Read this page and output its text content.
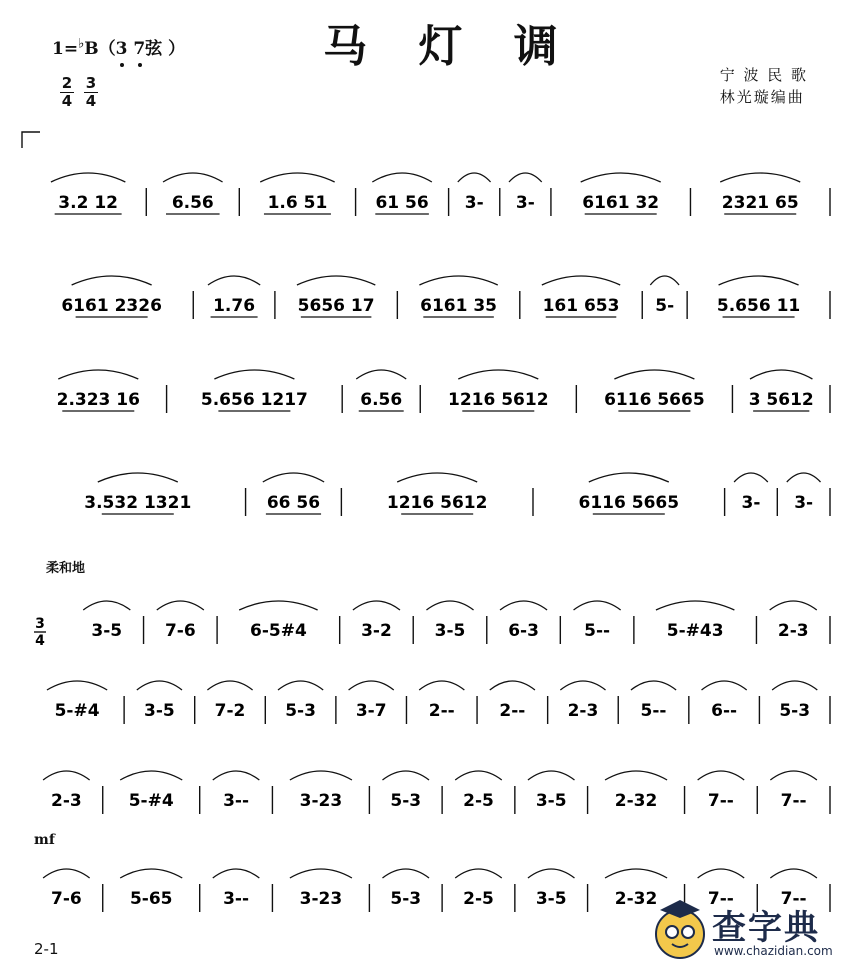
马 灯 调
1=♭B（3 7
弦 ）
2
4
3
4
宁 波 民 歌
林光璇编曲
柔和地
mf
3.2 12	6.56	1.6 51	61 56 3- 3-	6161 32	2321 65
6161 2326	1.76	5656 17	6161 35	161 653 5-	5.656 11
2.323 16	5.656 1217	6.56	1216 5612	6116 5665	3 5612
3.532 1321	66 56	1216 5612	6116 5665	3- 3-
3-5	7-6	6-5#4	3-2	3-5	6-3	5--	5-#43	2-3
5-#4	3-5 7-2 5-3 3-7 2--	2-- 2-3 5--	6-- 5-3
2-3	5-#4	3--	3-23	5-3 2-5 3-5	2-32	7--	7--
7-6	5-65	3--	3-23	5-3 2-5 3-5	2-32	7--	7--
3
4
2-1
查字典
www.chazidian.com
